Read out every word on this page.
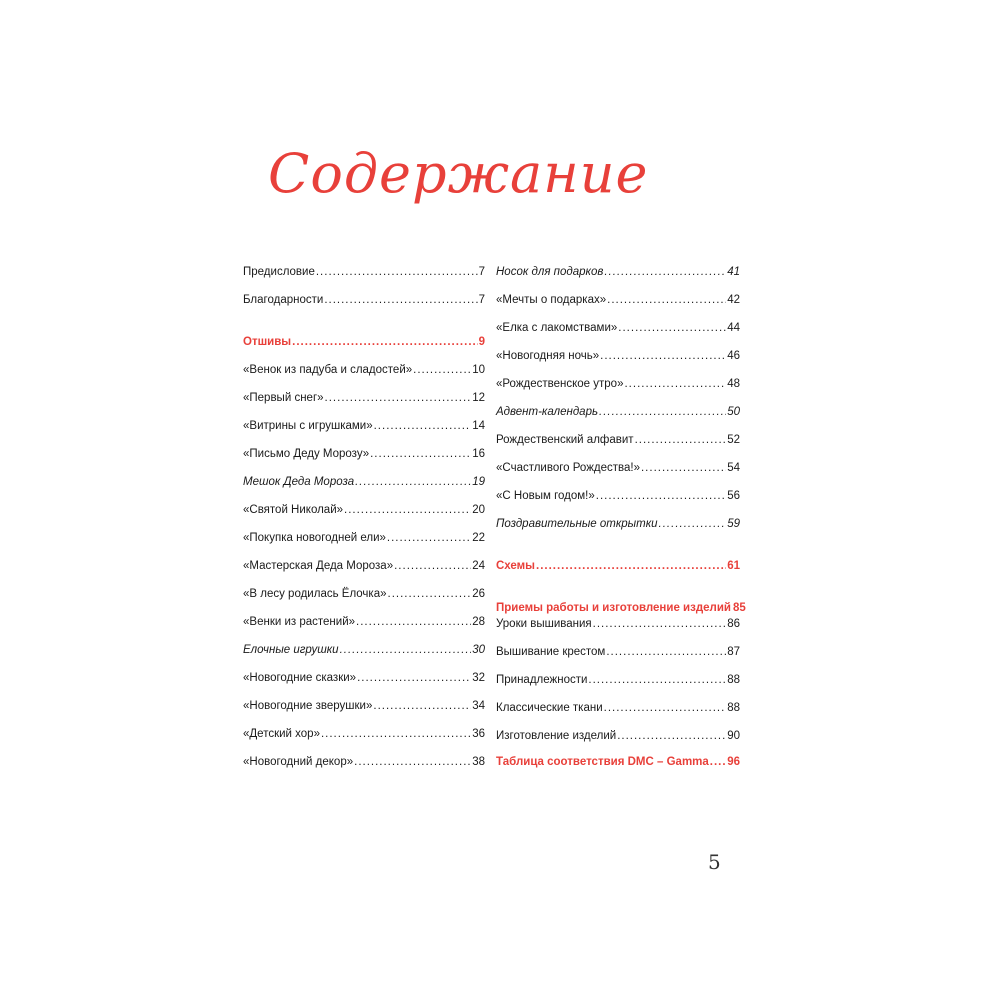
Содержание
Предисловие .....	7
Благодарности .....	7
Отшивы .....	9
«Венок из падуба и сладостей» .....	10
«Первый снег» .....	12
«Витрины с игрушками» .....	14
«Письмо Деду Морозу» .....	16
Мешок Деда Мороза .....	19
«Святой Николай» .....	20
«Покупка новогодней ели» .....	22
«Мастерская Деда Мороза» .....	24
«В лесу родилась Ёлочка» .....	26
«Венки из растений» .....	28
Елочные игрушки .....	30
«Новогодние сказки» .....	32
«Новогодние зверушки» .....	34
«Детский хор» .....	36
«Новогодний декор» .....	38
Носок для подарков .....	41
«Мечты о подарках» .....	42
«Елка с лакомствами» .....	44
«Новогодняя ночь» .....	46
«Рождественское утро» .....	48
Адвент-календарь .....	50
Рождественский алфавит .....	52
«Счастливого Рождества!» .....	54
«С Новым годом!» .....	56
Поздравительные открытки .....	59
Схемы .....	61
Приемы работы и изготовление изделий 85
Уроки вышивания .....	86
Вышивание крестом .....	87
Принадлежности .....	88
Классические ткани .....	88
Изготовление изделий .....	90
Таблица соответствия DMC – Gamma ..... 96
5
